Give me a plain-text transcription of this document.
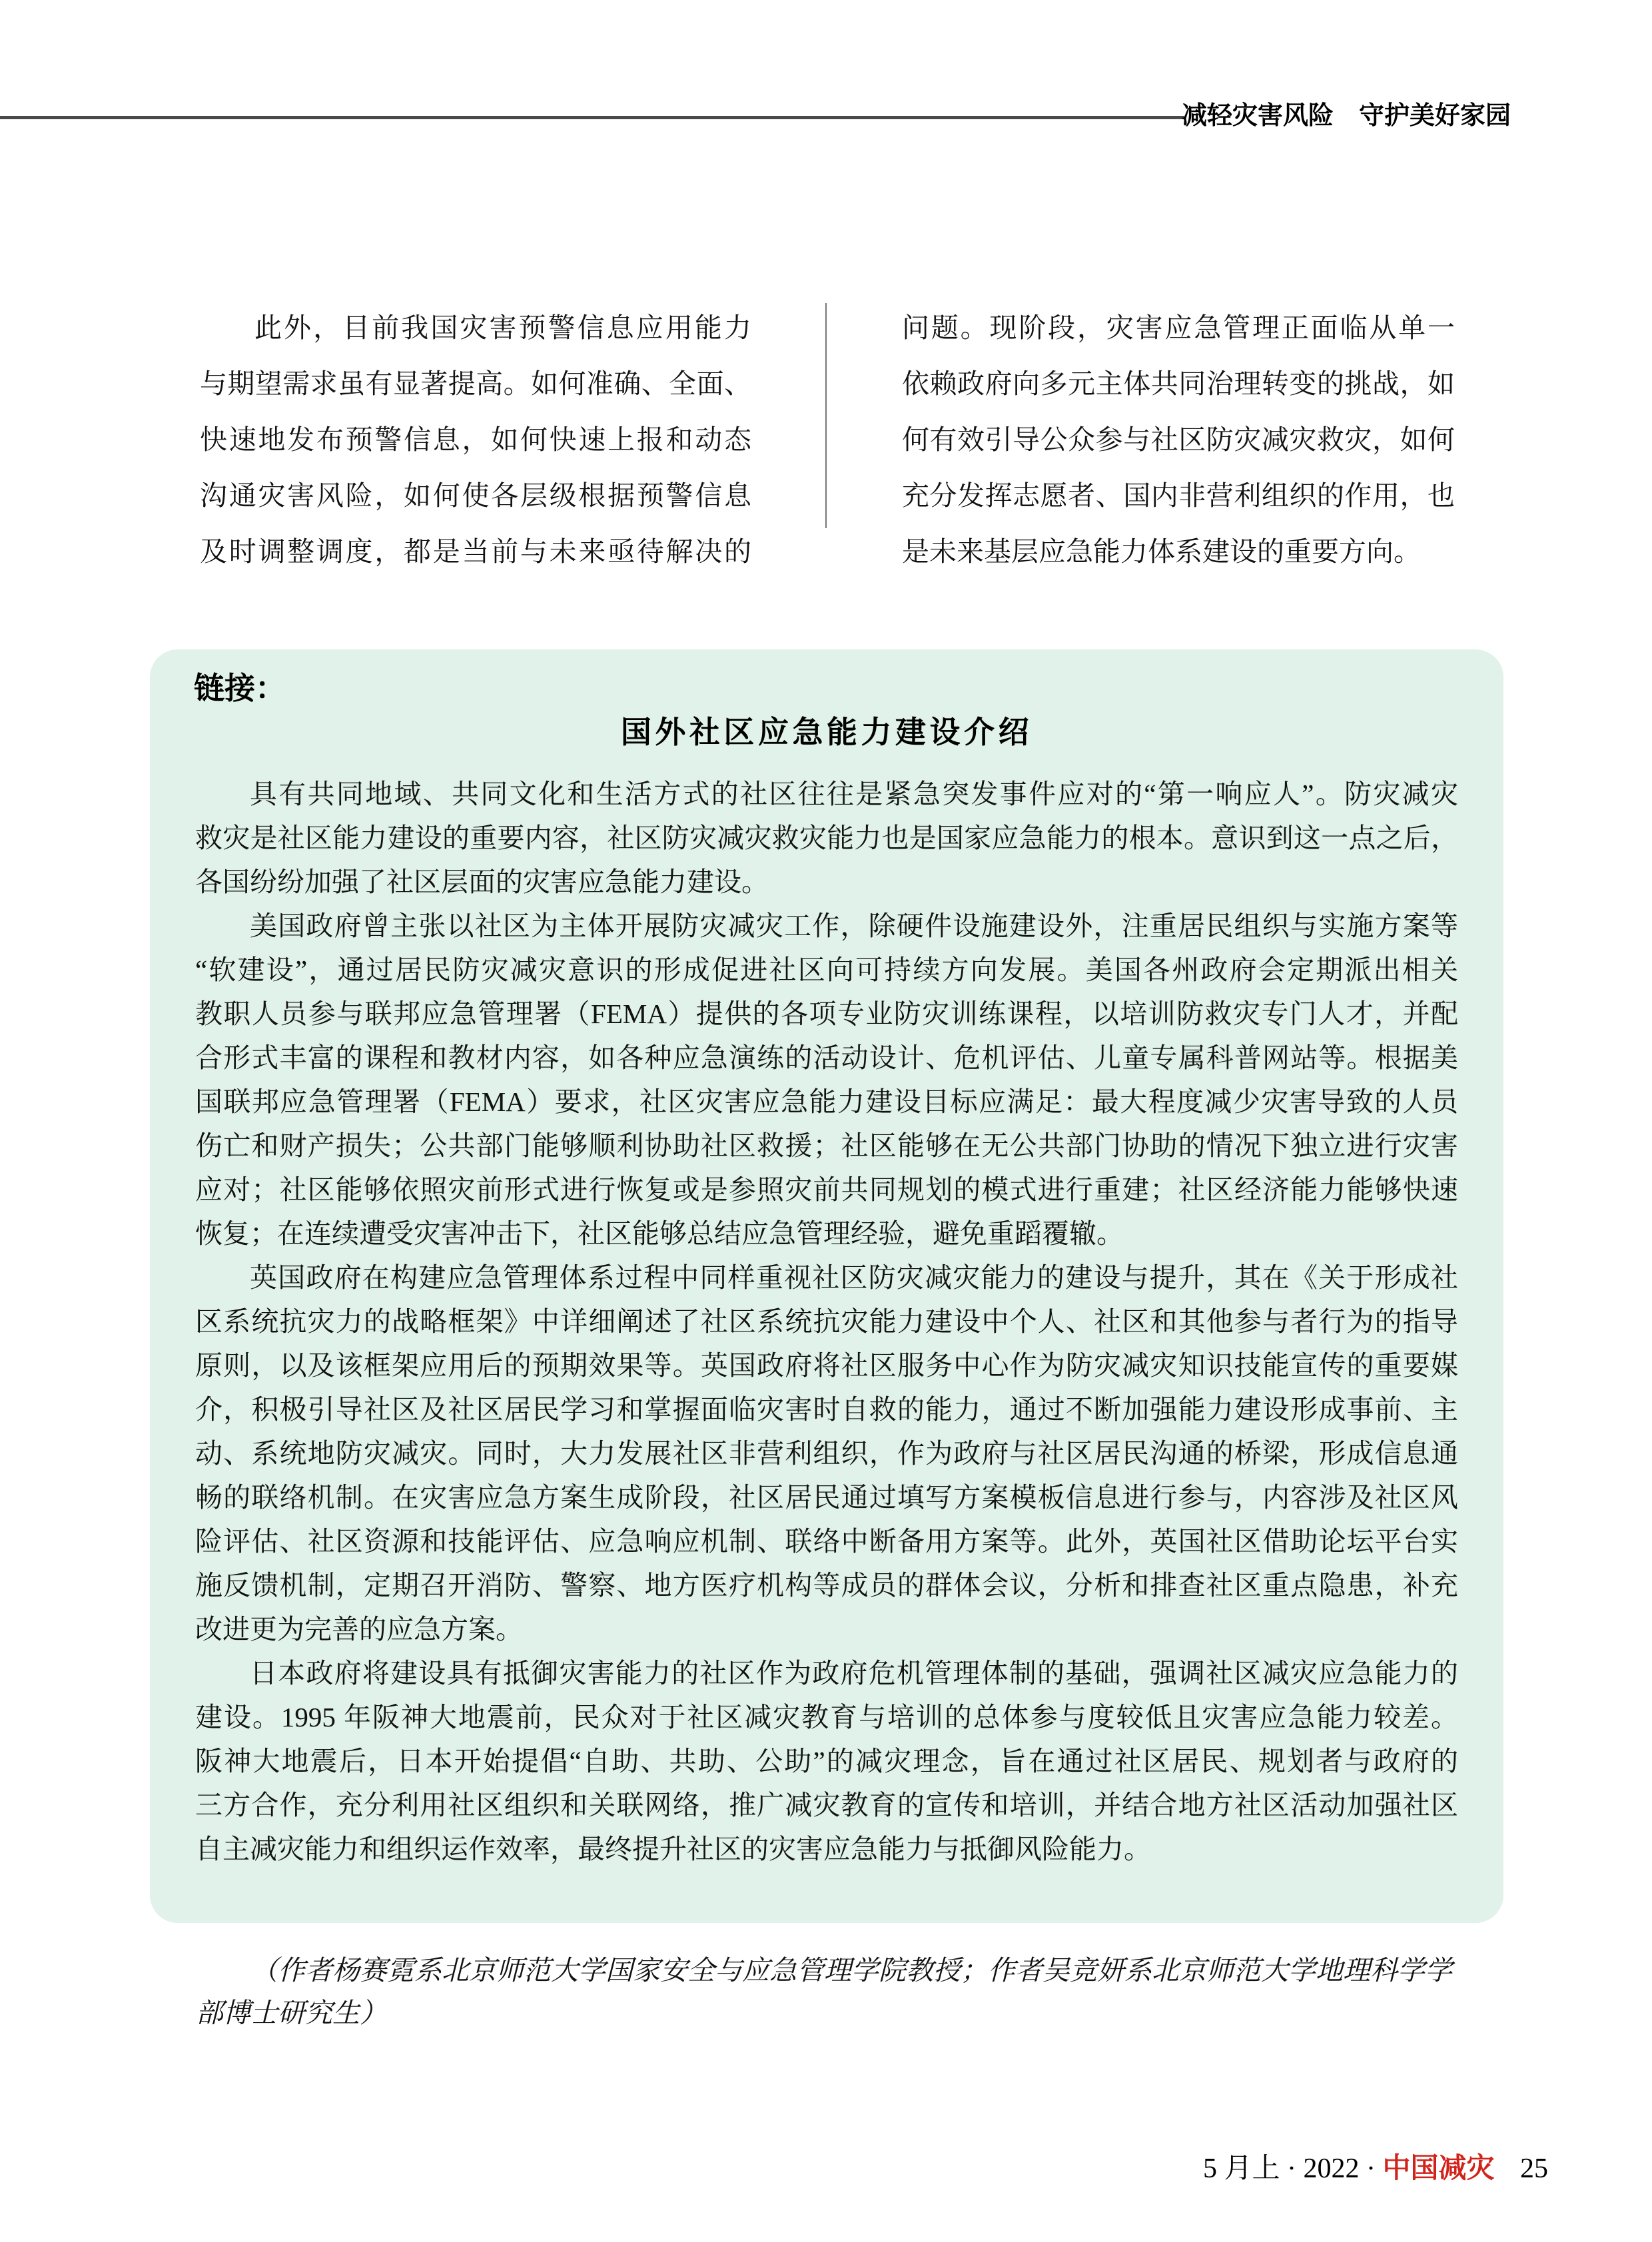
减轻灾害风险 守护美好家园
此外，目前我国灾害预警信息应用能力
与期望需求虽有显著提高。如何准确、全面、
快速地发布预警信息，如何快速上报和动态
沟通灾害风险，如何使各层级根据预警信息
及时调整调度，都是当前与未来亟待解决的
问题。现阶段，灾害应急管理正面临从单一
依赖政府向多元主体共同治理转变的挑战，如
何有效引导公众参与社区防灾减灾救灾，如何
充分发挥志愿者、国内非营利组织的作用，也
是未来基层应急能力体系建设的重要方向。
链接：
国外社区应急能力建设介绍
具有共同地域、共同文化和生活方式的社区往往是紧急突发事件应对的“第一响应人”。防灾减灾
救灾是社区能力建设的重要内容，社区防灾减灾救灾能力也是国家应急能力的根本。意识到这一点之后，
各国纷纷加强了社区层面的灾害应急能力建设。
美国政府曾主张以社区为主体开展防灾减灾工作，除硬件设施建设外，注重居民组织与实施方案等
“软建设”，通过居民防灾减灾意识的形成促进社区向可持续方向发展。美国各州政府会定期派出相关
教职人员参与联邦应急管理署（FEMA）提供的各项专业防灾训练课程，以培训防救灾专门人才，并配
合形式丰富的课程和教材内容，如各种应急演练的活动设计、危机评估、儿童专属科普网站等。根据美
国联邦应急管理署（FEMA）要求，社区灾害应急能力建设目标应满足：最大程度减少灾害导致的人员
伤亡和财产损失；公共部门能够顺利协助社区救援；社区能够在无公共部门协助的情况下独立进行灾害
应对；社区能够依照灾前形式进行恢复或是参照灾前共同规划的模式进行重建；社区经济能力能够快速
恢复；在连续遭受灾害冲击下，社区能够总结应急管理经验，避免重蹈覆辙。
英国政府在构建应急管理体系过程中同样重视社区防灾减灾能力的建设与提升，其在《关于形成社
区系统抗灾力的战略框架》中详细阐述了社区系统抗灾能力建设中个人、社区和其他参与者行为的指导
原则，以及该框架应用后的预期效果等。英国政府将社区服务中心作为防灾减灾知识技能宣传的重要媒
介，积极引导社区及社区居民学习和掌握面临灾害时自救的能力，通过不断加强能力建设形成事前、主
动、系统地防灾减灾。同时，大力发展社区非营利组织，作为政府与社区居民沟通的桥梁，形成信息通
畅的联络机制。在灾害应急方案生成阶段，社区居民通过填写方案模板信息进行参与，内容涉及社区风
险评估、社区资源和技能评估、应急响应机制、联络中断备用方案等。此外，英国社区借助论坛平台实
施反馈机制，定期召开消防、警察、地方医疗机构等成员的群体会议，分析和排查社区重点隐患，补充
改进更为完善的应急方案。
日本政府将建设具有抵御灾害能力的社区作为政府危机管理体制的基础，强调社区减灾应急能力的
建设。1995 年阪神大地震前，民众对于社区减灾教育与培训的总体参与度较低且灾害应急能力较差。
阪神大地震后，日本开始提倡“自助、共助、公助”的减灾理念，旨在通过社区居民、规划者与政府的
三方合作，充分利用社区组织和关联网络，推广减灾教育的宣传和培训，并结合地方社区活动加强社区
自主减灾能力和组织运作效率，最终提升社区的灾害应急能力与抵御风险能力。
（作者杨赛霓系北京师范大学国家安全与应急管理学院教授；作者吴竞妍系北京师范大学地理科学学
部博士研究生）
5 月上 · 2022 · 中国减灾 25
